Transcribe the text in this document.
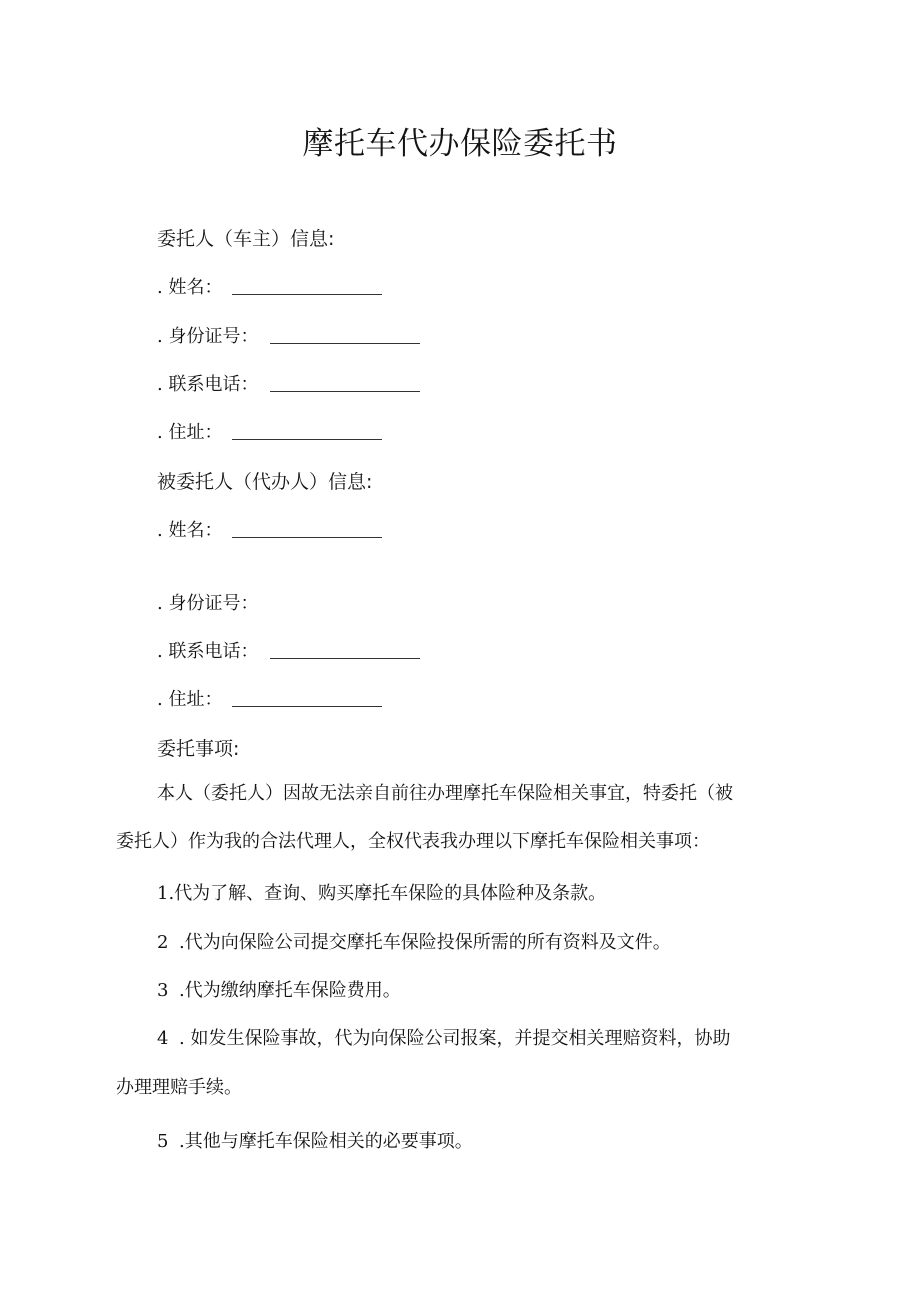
摩托车代办保险委托书
委托人（车主）信息:
. 姓名：
. 身份证号：
. 联系电话：
. 住址：
被委托人（代办人）信息:
. 姓名：
. 身份证号：
. 联系电话：
. 住址：
委托事项:
本人（委托人）因故无法亲自前往办理摩托车保险相关事宜，特委托（被
委托人）作为我的合法代理人，全权代表我办理以下摩托车保险相关事项：
1.代为了解、查询、购买摩托车保险的具体险种及条款。
2 .代为向保险公司提交摩托车保险投保所需的所有资料及文件。
3 .代为缴纳摩托车保险费用。
4 . 如发生保险事故，代为向保险公司报案，并提交相关理赔资料，协助
办理理赔手续。
5 .其他与摩托车保险相关的必要事项。
